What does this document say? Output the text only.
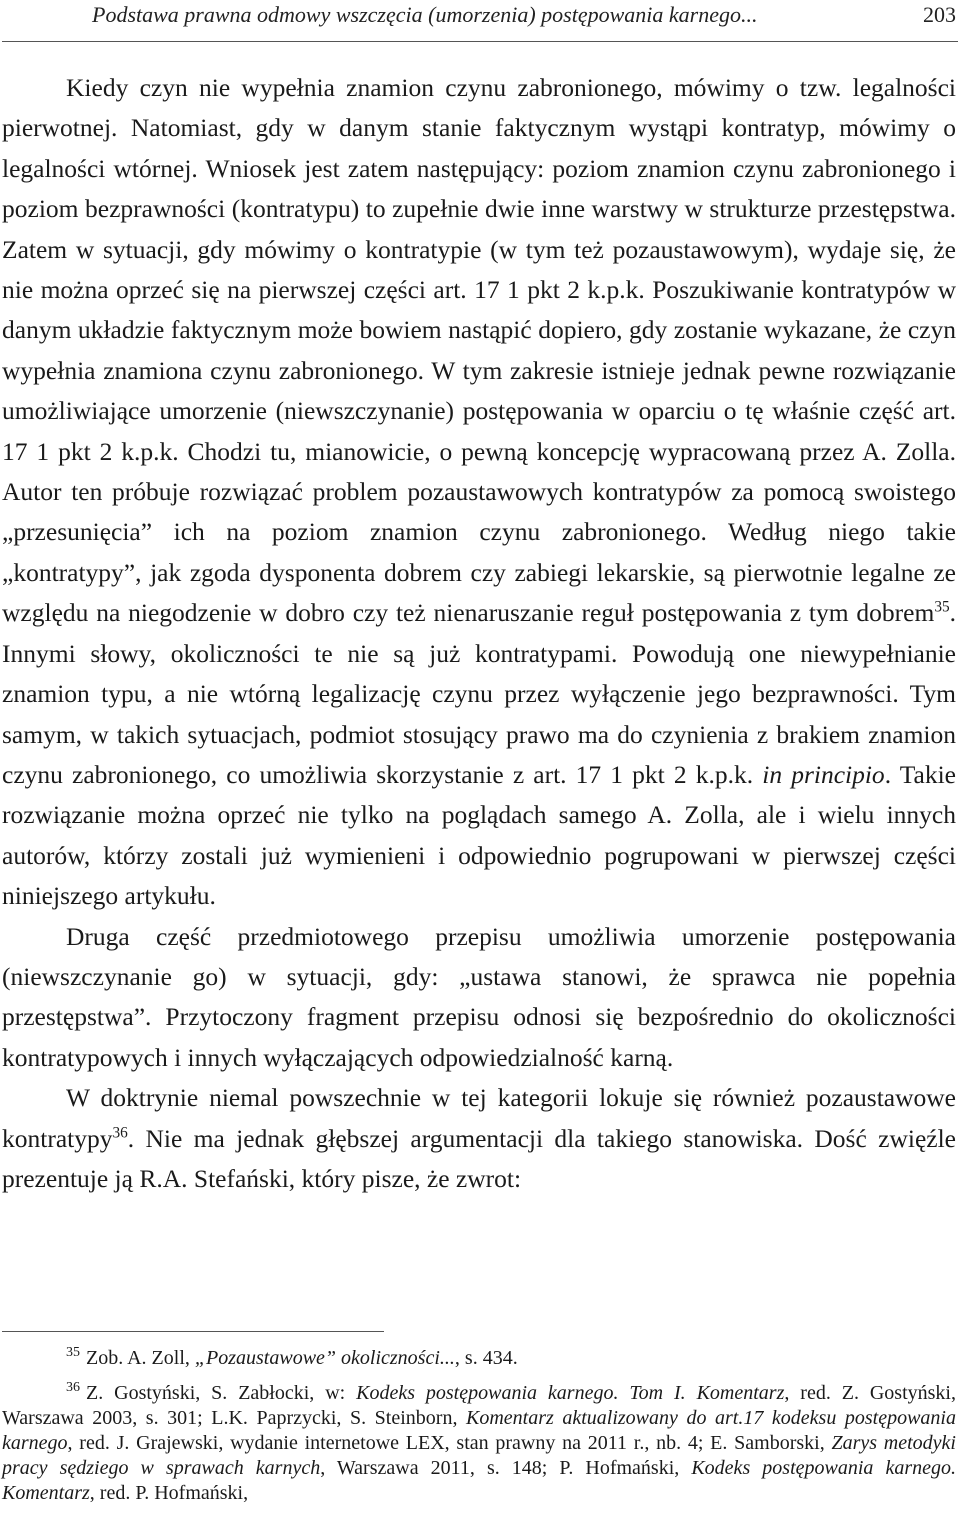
Podstawa prawna odmowy wszczęcia (umorzenia) postępowania karnego...	203

Kiedy czyn nie wypełnia znamion czynu zabronionego, mówimy o tzw. legalności pierwotnej. Natomiast, gdy w danym stanie faktycznym wystąpi kontratyp, mówimy o legalności wtórnej. Wniosek jest zatem następujący: poziom znamion czynu zabronionego i poziom bezprawności (kontratypu) to zupełnie dwie inne warstwy w strukturze przestępstwa. Zatem w sytuacji, gdy mówimy o kontratypie (w tym też pozaustawowym), wydaje się, że nie można oprzeć się na pierwszej części art. 17 1 pkt 2 k.p.k. Poszukiwanie kontratypów w danym układzie faktycznym może bowiem nastąpić dopiero, gdy zostanie wykazane, że czyn wypełnia znamiona czynu zabronionego. W tym zakresie istnieje jednak pewne rozwiązanie umożliwiające umorzenie (niewszczynanie) postępowania w oparciu o tę właśnie część art. 17 1 pkt 2 k.p.k. Chodzi tu, mianowicie, o pewną koncepcję wypracowaną przez A. Zolla. Autor ten próbuje rozwiązać problem pozaustawowych kontratypów za pomocą swoistego „przesunięcia” ich na poziom znamion czynu zabronionego. Według niego takie „kontratypy”, jak zgoda dysponenta dobrem czy zabiegi lekarskie, są pierwotnie legalne ze względu na niegodzenie w dobro czy też nienaruszanie reguł postępowania z tym dobrem$^{35}$. Innymi słowy, okoliczności te nie są już kontratypami. Powodują one niewypełnianie znamion typu, a nie wtórną legalizację czynu przez wyłączenie jego bezprawności. Tym samym, w takich sytuacjach, podmiot stosujący prawo ma do czynienia z brakiem znamion czynu zabronionego, co umożliwia skorzystanie z art. 17 1 pkt 2 k.p.k. in principio. Takie rozwiązanie można oprzeć nie tylko na poglądach samego A. Zolla, ale i wielu innych autorów, którzy zostali już wymienieni i odpowiednio pogrupowani w pierwszej części niniejszego artykułu.

Druga część przedmiotowego przepisu umożliwia umorzenie postępowania (niewszczynanie go) w sytuacji, gdy: „ustawa stanowi, że sprawca nie popełnia przestępstwa”. Przytoczony fragment przepisu odnosi się bezpośrednio do okoliczności kontratypowych i innych wyłączających odpowiedzialność karną.

W doktrynie niemal powszechnie w tej kategorii lokuje się również pozaustawowe kontratypy$^{36}$. Nie ma jednak głębszej argumentacji dla takiego stanowiska. Dość zwięźle prezentuje ją R.A. Stefański, który pisze, że zwrot:

$^{35}$ Zob. A. Zoll, „Pozaustawowe” okoliczności..., s. 434.

$^{36}$ Z. Gostyński, S. Zabłocki, w: Kodeks postępowania karnego. Tom I. Komentarz, red. Z. Gostyński, Warszawa 2003, s. 301; L.K. Paprzycki, S. Steinborn, Komentarz aktualizowany do art.17 kodeksu postępowania karnego, red. J. Grajewski, wydanie internetowe LEX, stan prawny na 2011 r., nb. 4; E. Samborski, Zarys metodyki pracy sędziego w sprawach karnych, Warszawa 2011, s. 148; P. Hofmański, Kodeks postępowania karnego. Komentarz, red. P. Hofmański,
